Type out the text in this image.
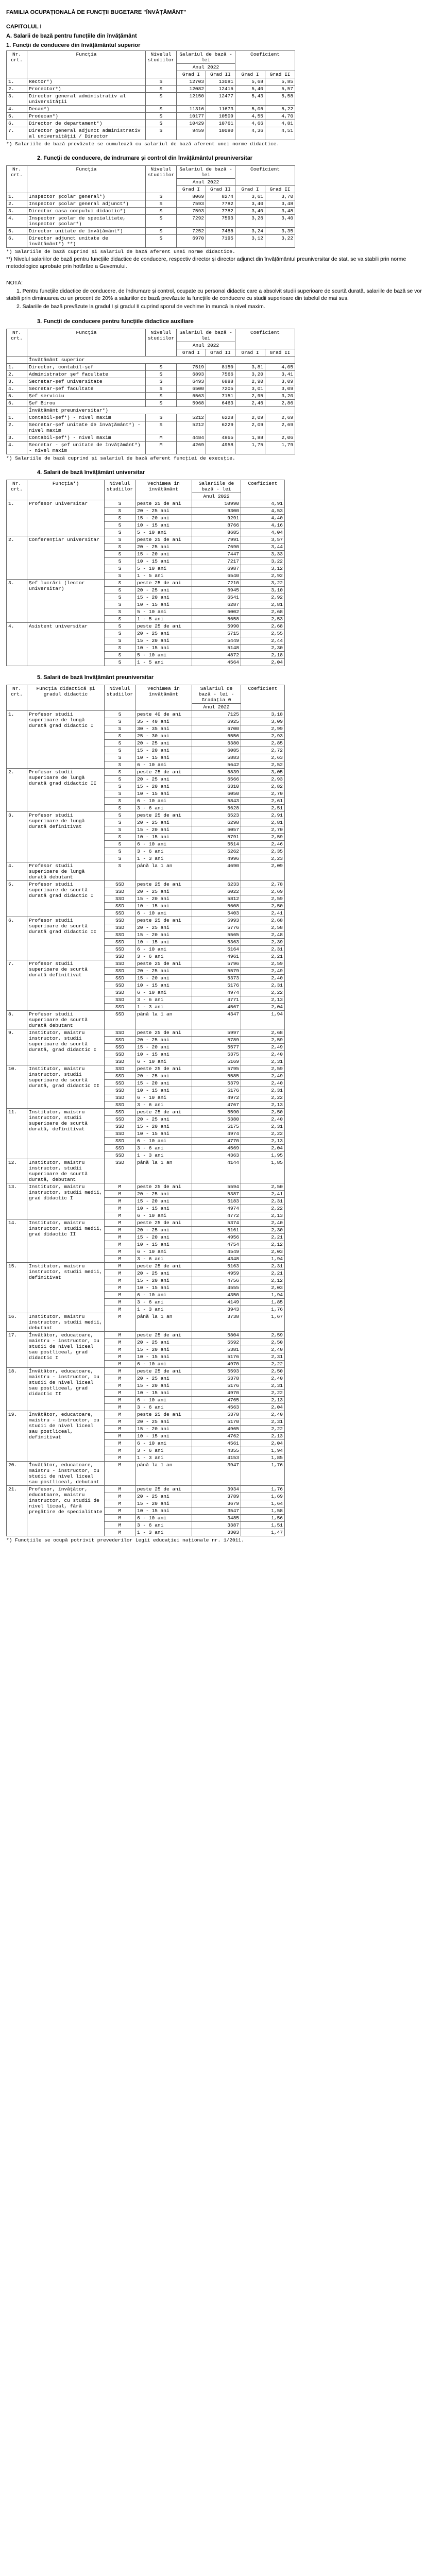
FAMILIA OCUPAȚIONALĂ DE FUNCȚII BUGETARE "ÎNVĂȚĂMÂNT"
CAPITOLUL I
A. Salarii de bază pentru funcțiile din învățământ
1. Funcții de conducere din învățământul superior
Nr. crt.	Funcția	Nivelul studiilor	Salariul de bază - lei		Coeficient	
			Anul 2022			
			Grad I	Grad II	Grad I	Grad II
1.	Rector*)	S	12703	13081	5,68	5,85
2.	Prorector*)	S	12082	12416	5,40	5,57
3.	Director general administrativ al universității	S	12150	12477	5,43	5,58
4.	Decan*)	S	11316	11673	5,06	5,22
5.	Prodecan*)	S	10177	10509	4,55	4,70
6.	Director de departament*)	S	10429	10761	4,66	4,81
7.	Director general adjunct administrativ al universității / Director	S	9459	10080	4,36	4,51
*) Salariile de bază prevăzute se cumulează cu salariul de bază aferent unei norme didactice.
2. Funcții de conducere, de îndrumare și control din învățământul preuniversitar
Nr. crt.	Funcția	Nivelul studiilor	Salariul de bază - lei		Coeficient	
			Anul 2022			
			Grad I	Grad II	Grad I	Grad II
1.	Inspector școlar general*)	S	8069	8274	3,61	3,70
2.	Inspector școlar general adjunct*)	S	7593	7782	3,40	3,48
3.	Director casa corpului didactic*)	S	7593	7782	3,40	3,48
4.	Inspector școlar de specialitate, inspector școlar*)	S	7292	7593	3,26	3,40
5.	Director unitate de învățământ*)	S	7252	7488	3,24	3,35
6.	Director adjunct unitate de învățământ*) **)	S	6970	7195	3,12	3,22
*) Salariile de bază cuprind și salariul de bază aferent unei norme didactice.
**) Nivelul salariilor de bază pentru funcțiile didactice de conducere, respectiv director și director adjunct din învățământul preuniversitar de stat, se va stabili prin norme metodologice aprobate prin hotărâre a Guvernului.
NOTĂ:
1. Pentru funcțiile didactice de conducere, de îndrumare și control, ocupate cu personal didactic care a absolvit studii superioare de scurtă durată, salariile de bază se vor stabili prin diminuarea cu un procent de 20% a salariilor de bază prevăzute la funcțiile de conducere cu studii superioare din tabelul de mai sus.
2. Salariile de bază prevăzute la gradul I și gradul II cuprind sporul de vechime în muncă la nivel maxim.
3. Funcții de conducere pentru funcțiile didactice auxiliare
Nr. crt.	Funcția	Nivelul studiilor	Salariul de bază - lei		Coeficient	
			Anul 2022			
			Grad I	Grad II	Grad I	Grad II
	Învățământ superior					
1.	Director, contabil-șef	S	7519	8150	3,81	4,05
2.	Administrator șef facultate	S	6893	7566	3,20	3,41
3.	Secretar-șef universitate	S	6493	6888	2,90	3,09
4.	Secretar-șef facultate	S	6500	7205	3,01	3,09
5.	Șef serviciu	S	6563	7151	2,95	3,20
6.	Șef Birou	S	5968	6463	2,46	2,86
	Învățământ preuniversitar*)					
1.	Contabil-șef*) - nivel maxim	S	5212	6228	2,09	2,69
2.	Secretar-șef unitate de învățământ*) - nivel maxim	S	5212	6229	2,09	2,69
3.	Contabil-șef*) - nivel maxim	M	4484	4865	1,88	2,06
4.	Secretar - șef unitate de învățământ*) - nivel maxim	M	4269	4958	1,75	1,79
*) Salariile de bază cuprind și salariul de bază aferent funcției de execuție.
4. Salarii de bază învățământ universitar
Nr. crt.	Funcția*)	Nivelul studiilor	Vechimea în învățământ	Salariile de bază - lei	Coeficient
				Anul 2022	
1.	Profesor universitar	S	peste 25 de ani	10990	4,91
		S	20 - 25 ani	9300	4,53
		S	15 - 20 ani	9291	4,40
		S	10 - 15 ani	8766	4,16
		S	5 - 10 ani	8685	4,04
2.	Conferențiar universitar	S	peste 25 de ani	7991	3,57
		S	20 - 25 ani	7690	3,44
		S	15 - 20 ani	7447	3,33
		S	10 - 15 ani	7217	3,22
		S	5 - 10 ani	6987	3,12
		S	1 - 5 ani	6540	2,92
3.	Șef lucrări (lector universitar)	S	peste 25 de ani	7210	3,22
		S	20 - 25 ani	6945	3,10
		S	15 - 20 ani	6541	2,92
		S	10 - 15 ani	6287	2,81
		S	5 - 10 ani	6002	2,68
		S	1 - 5 ani	5658	2,53
4.	Asistent universitar	S	peste 25 de ani	5990	2,68
		S	20 - 25 ani	5715	2,55
		S	15 - 20 ani	5449	2,44
		S	10 - 15 ani	5148	2,30
		S	5 - 10 ani	4872	2,18
		S	1 - 5 ani	4564	2,04
5. Salarii de bază învățământ preuniversitar
Nr. crt.	Funcția didactică și gradul didactic	Nivelul studiilor	Vechimea în învățământ	Salariul de bază - lei - Gradația 0	Coeficient
				Anul 2022	
1.	Profesor studii superioare de lungă durată grad didactic I	S	peste 40 de ani	7125	3,18
		S	35 - 40 ani	6925	3,09
		S	30 - 35 ani	6700	2,99
		S	25 - 30 ani	6556	2,93
		S	20 - 25 ani	6380	2,85
		S	15 - 20 ani	6085	2,72
		S	10 - 15 ani	5883	2,63
		S	6 - 10 ani	5642	2,52
2.	Profesor studii superioare de lungă durată grad didactic II	S	peste 25 de ani	6839	3,05
		S	20 - 25 ani	6566	2,93
		S	15 - 20 ani	6310	2,82
		S	10 - 15 ani	6050	2,70
		S	6 - 10 ani	5843	2,61
		S	3 - 6 ani	5628	2,51
3.	Profesor studii superioare de lungă durată definitivat	S	peste 25 de ani	6523	2,91
		S	20 - 25 ani	6298	2,81
		S	15 - 20 ani	6057	2,70
		S	10 - 15 ani	5791	2,59
		S	6 - 10 ani	5514	2,46
		S	3 - 6 ani	5262	2,35
		S	1 - 3 ani	4996	2,23
4.	Profesor studii superioare de lungă durată debutant	S	până la 1 an	4690	2,09
5.	Profesor studii superioare de scurtă durată grad didactic I	SSD	peste 25 de ani	6233	2,78
		SSD	20 - 25 ani	6022	2,69
		SSD	15 - 20 ani	5812	2,59
		SSD	10 - 15 ani	5608	2,50
		SSD	6 - 10 ani	5403	2,41
6.	Profesor studii superioare de scurtă durată grad didactic II	SSD	peste 25 de ani	5993	2,68
		SSD	20 - 25 ani	5776	2,58
		SSD	15 - 20 ani	5565	2,48
		SSD	10 - 15 ani	5363	2,39
		SSD	6 - 10 ani	5164	2,31
		SSD	3 - 6 ani	4961	2,21
7.	Profesor studii superioare de scurtă durată definitivat	SSD	peste 25 de ani	5796	2,59
		SSD	20 - 25 ani	5579	2,49
		SSD	15 - 20 ani	5373	2,40
		SSD	10 - 15 ani	5176	2,31
		SSD	6 - 10 ani	4974	2,22
		SSD	3 - 6 ani	4771	2,13
		SSD	1 - 3 ani	4567	2,04
8.	Profesor studii superioare de scurtă durată debutant	SSD	până la 1 an	4347	1,94
9.	Institutor, maistru instructor, studii superioare de scurtă durată, grad didactic I	SSD	peste 25 de ani	5997	2,68
		SSD	20 - 25 ani	5789	2,59
		SSD	15 - 20 ani	5577	2,49
		SSD	10 - 15 ani	5375	2,40
		SSD	6 - 10 ani	5169	2,31
10.	Institutor, maistru instructor, studii superioare de scurtă durată, grad didactic II	SSD	peste 25 de ani	5795	2,59
		SSD	20 - 25 ani	5585	2,49
		SSD	15 - 20 ani	5379	2,40
		SSD	10 - 15 ani	5176	2,31
		SSD	6 - 10 ani	4972	2,22
		SSD	3 - 6 ani	4767	2,13
11.	Institutor, maistru instructor, studii superioare de scurtă durată, definitivat	SSD	peste 25 de ani	5590	2,50
		SSD	20 - 25 ani	5380	2,40
		SSD	15 - 20 ani	5175	2,31
		SSD	10 - 15 ani	4974	2,22
		SSD	6 - 10 ani	4770	2,13
		SSD	3 - 6 ani	4569	2,04
		SSD	1 - 3 ani	4363	1,95
12.	Institutor, maistru instructor, studii superioare de scurtă durată, debutant	SSD	până la 1 an	4144	1,85
13.	Institutor, maistru instructor, studii medii, grad didactic I	M	peste 25 de ani	5594	2,50
		M	20 - 25 ani	5387	2,41
		M	15 - 20 ani	5183	2,31
		M	10 - 15 ani	4974	2,22
		M	6 - 10 ani	4772	2,13
14.	Institutor, maistru instructor, studii medii, grad didactic II	M	peste 25 de ani	5374	2,40
		M	20 - 25 ani	5161	2,30
		M	15 - 20 ani	4956	2,21
		M	10 - 15 ani	4754	2,12
		M	6 - 10 ani	4549	2,03
		M	3 - 6 ani	4348	1,94
15.	Institutor, maistru instructor, studii medii, definitivat	M	peste 25 de ani	5163	2,31
		M	20 - 25 ani	4959	2,21
		M	15 - 20 ani	4756	2,12
		M	10 - 15 ani	4555	2,03
		M	6 - 10 ani	4350	1,94
		M	3 - 6 ani	4149	1,85
		M	1 - 3 ani	3943	1,76
16.	Institutor, maistru instructor, studii medii, debutant	M	până la 1 an	3738	1,67
17.	Învățător, educatoare, maistru - instructor, cu studii de nivel liceal sau postliceal, grad didactic I	M	peste 25 de ani	5804	2,59
		M	20 - 25 ani	5592	2,50
		M	15 - 20 ani	5381	2,40
		M	10 - 15 ani	5176	2,31
		M	6 - 10 ani	4970	2,22
18.	Învățător, educatoare, maistru - instructor, cu studii de nivel liceal sau postliceal, grad didactic II	M	peste 25 de ani	5593	2,50
		M	20 - 25 ani	5378	2,40
		M	15 - 20 ani	5176	2,31
		M	10 - 15 ani	4970	2,22
		M	6 - 10 ani	4765	2,13
		M	3 - 6 ani	4563	2,04
19.	Învățător, educatoare, maistru - instructor, cu studii de nivel liceal sau postliceal, definitivat	M	peste 25 de ani	5378	2,40
		M	20 - 25 ani	5170	2,31
		M	15 - 20 ani	4965	2,22
		M	10 - 15 ani	4762	2,13
		M	6 - 10 ani	4561	2,04
		M	3 - 6 ani	4355	1,94
		M	1 - 3 ani	4153	1,85
20.	Învățător, educatoare, maistru - instructor, cu studii de nivel liceal sau postliceal, debutant	M	până la 1 an	3947	1,76
21.	Profesor, învățător, educatoare, maistru instructor, cu studii de nivel liceal, fără pregătire de specialitate	M	peste 25 de ani	3934	1,76
		M	20 - 25 ani	3789	1,69
		M	15 - 20 ani	3679	1,64
		M	10 - 15 ani	3547	1,58
		M	6 - 10 ani	3485	1,56
		M	3 - 6 ani	3387	1,51
		M	1 - 3 ani	3303	1,47
*) Funcțiile se ocupă potrivit prevederilor Legii educației naționale nr. 1/2011.
